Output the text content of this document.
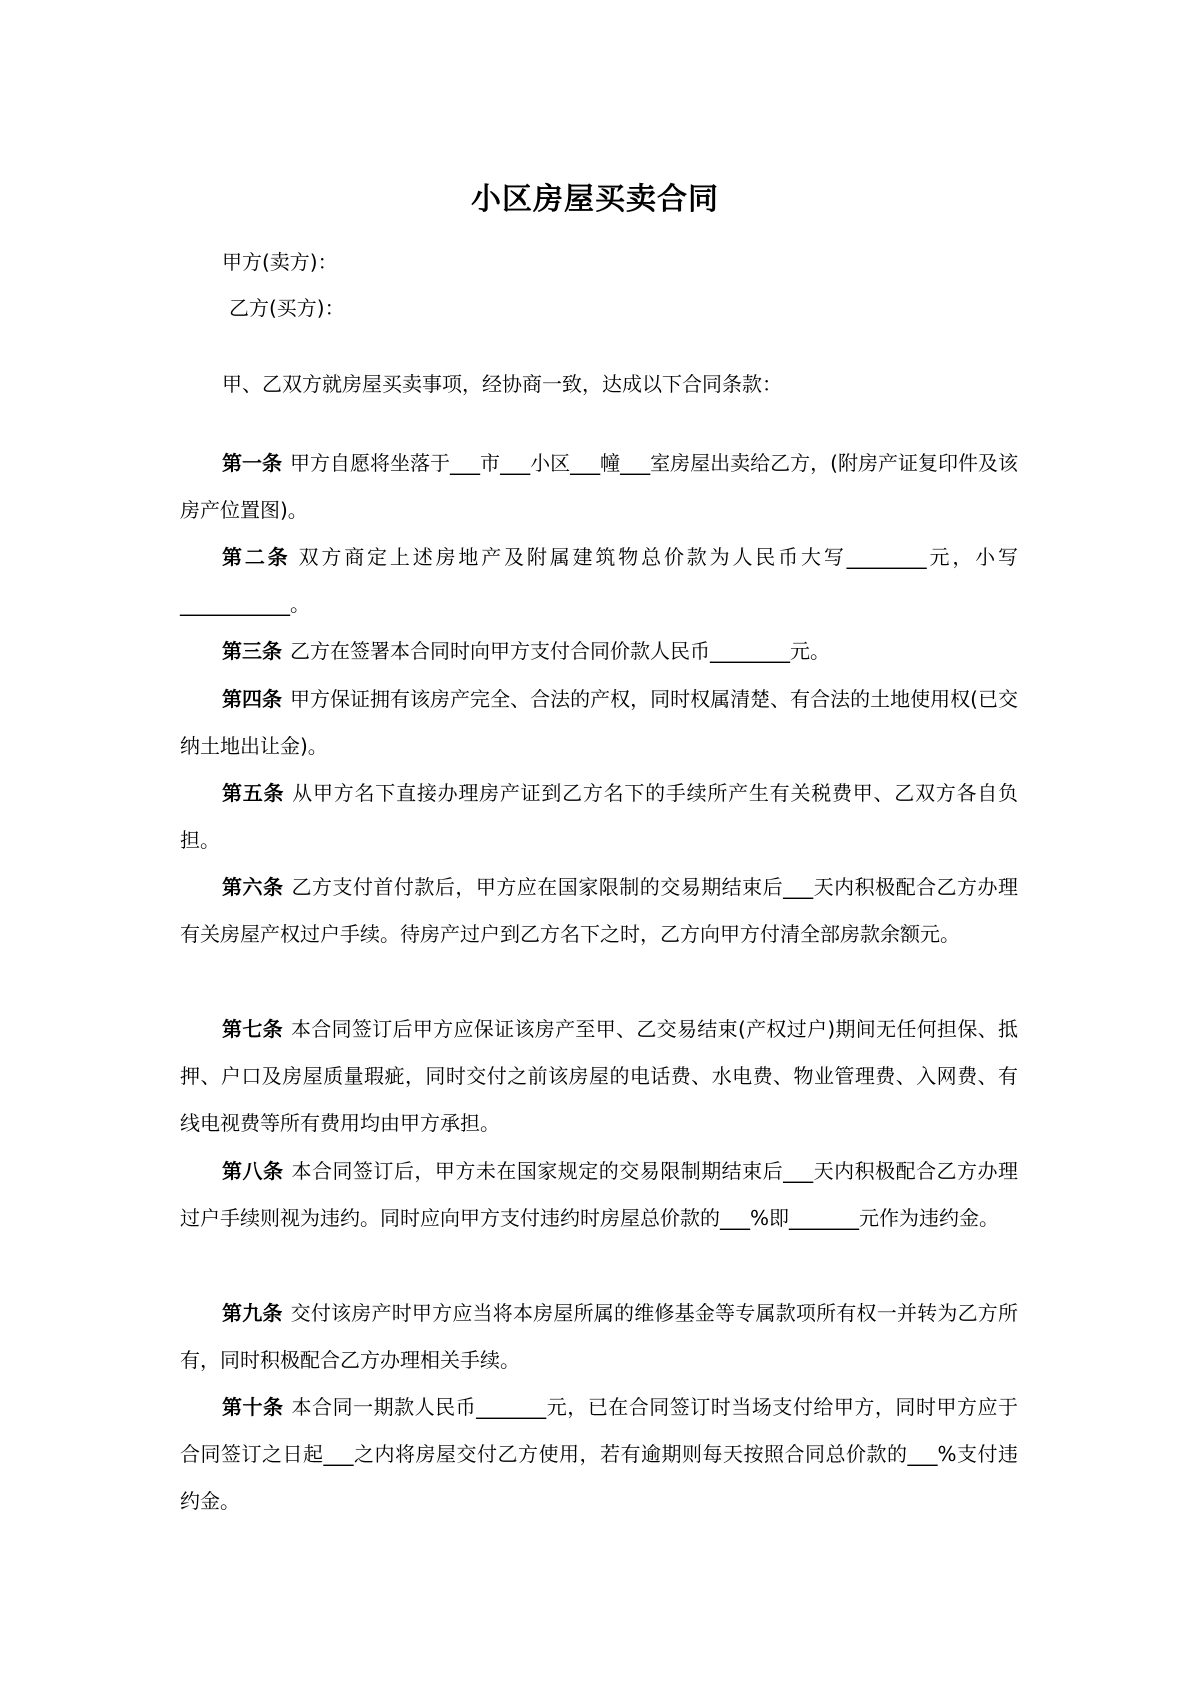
小区房屋买卖合同
甲方(卖方)：
乙方(买方)：
甲、乙双方就房屋买卖事项，经协商一致，达成以下合同条款：
第一条 甲方自愿将坐落于___市___小区___幢___室房屋出卖给乙方，(附房产证复印件及该房产位置图)。
第二条 双方商定上述房地产及附属建筑物总价款为人民币大写________元，小写___________。
第三条 乙方在签署本合同时向甲方支付合同价款人民币________元。
第四条 甲方保证拥有该房产完全、合法的产权，同时权属清楚、有合法的土地使用权(已交纳土地出让金)。
第五条 从甲方名下直接办理房产证到乙方名下的手续所产生有关税费甲、乙双方各自负担。
第六条 乙方支付首付款后，甲方应在国家限制的交易期结束后___天内积极配合乙方办理有关房屋产权过户手续。待房产过户到乙方名下之时，乙方向甲方付清全部房款余额元。
第七条 本合同签订后甲方应保证该房产至甲、乙交易结束(产权过户)期间无任何担保、抵押、户口及房屋质量瑕疵，同时交付之前该房屋的电话费、水电费、物业管理费、入网费、有线电视费等所有费用均由甲方承担。
第八条 本合同签订后，甲方未在国家规定的交易限制期结束后___天内积极配合乙方办理过户手续则视为违约。同时应向甲方支付违约时房屋总价款的___%即_______元作为违约金。
第九条 交付该房产时甲方应当将本房屋所属的维修基金等专属款项所有权一并转为乙方所有，同时积极配合乙方办理相关手续。
第十条 本合同一期款人民币_______元，已在合同签订时当场支付给甲方，同时甲方应于合同签订之日起___之内将房屋交付乙方使用，若有逾期则每天按照合同总价款的___%支付违约金。
